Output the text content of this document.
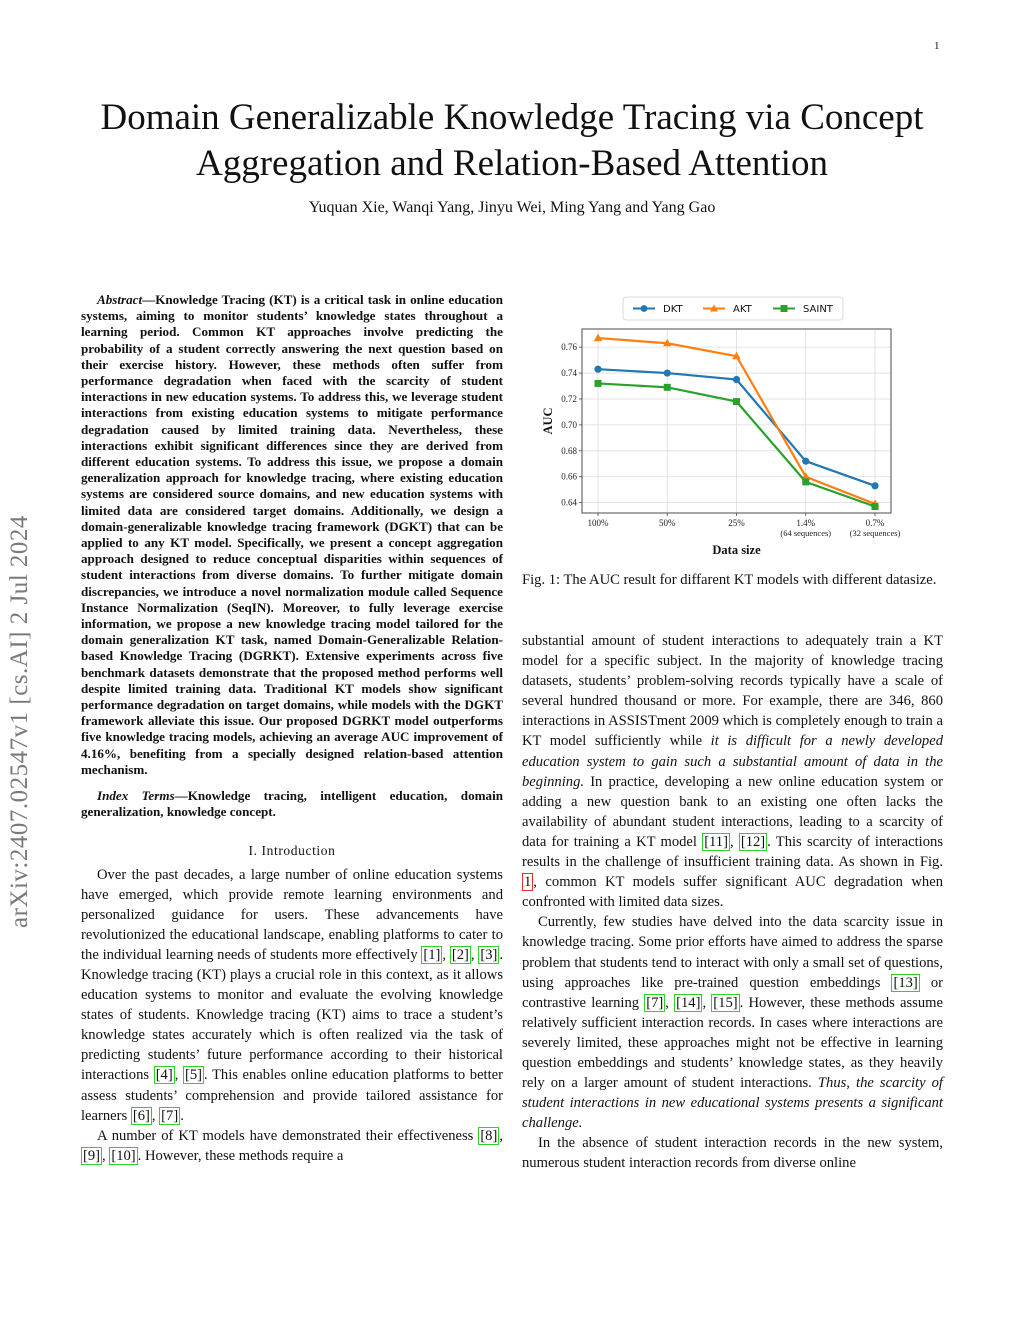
1
Domain Generalizable Knowledge Tracing via Concept Aggregation and Relation-Based Attention
Yuquan Xie, Wanqi Yang, Jinyu Wei, Ming Yang and Yang Gao
arXiv:2407.02547v1 [cs.AI] 2 Jul 2024

Abstract—Knowledge Tracing (KT) is a critical task in online education systems, aiming to monitor students’ knowledge states throughout a learning period. Common KT approaches involve predicting the probability of a student correctly answering the next question based on their exercise history. However, these methods often suffer from performance degradation when faced with the scarcity of student interactions in new education systems. To address this, we leverage student interactions from existing education systems to mitigate performance degradation caused by limited training data. Nevertheless, these interactions exhibit significant differences since they are derived from different education systems. To address this issue, we propose a domain generalization approach for knowledge tracing, where existing education systems are considered source domains, and new education systems with limited data are considered target domains. Additionally, we design a domain-generalizable knowledge tracing framework (DGKT) that can be applied to any KT model. Specifically, we present a concept aggregation approach designed to reduce conceptual disparities within sequences of student interactions from diverse domains. To further mitigate domain discrepancies, we introduce a novel normalization module called Sequence Instance Normalization (SeqIN). Moreover, to fully leverage exercise information, we propose a new knowledge tracing model tailored for the domain generalization KT task, named Domain-Generalizable Relation-based Knowledge Tracing (DGRKT). Extensive experiments across five benchmark datasets demonstrate that the proposed method performs well despite limited training data. Traditional KT models show significant performance degradation on target domains, while models with the DGKT framework alleviate this issue. Our proposed DGRKT model outperforms five knowledge tracing models, achieving an average AUC improvement of 4.16%, benefiting from a specially designed relation-based attention mechanism.

Index Terms—Knowledge tracing, intelligent education, domain generalization, knowledge concept.

I. Introduction

Over the past decades, a large number of online education systems have emerged, which provide remote learning environments and personalized guidance for users. These advancements have revolutionized the educational landscape, enabling platforms to cater to the individual learning needs of students more effectively [1] , [2] , [3] . Knowledge tracing (KT) plays a crucial role in this context, as it allows education systems to monitor and evaluate the evolving knowledge states of students. Knowledge tracing (KT) aims to trace a student’s knowledge states accurately which is often realized via the task of predicting students’ future performance according to their historical interactions [4] , [5] . This enables online education platforms to better assess students’ comprehension and provide tailored assistance for learners [6] , [7] .

A number of KT models have demonstrated their effectiveness [8] , [9] , [10] . However, these methods require a

0.64
0.66
0.68
0.70
0.72
0.74
0.76
100%	50%	25%	1.4%
(64 sequences)
0.7%
(32 sequences)
Data size
AUC
DKT	AKT	SAINT

Fig. 1: The AUC result for diffarent KT models with different datasize.

substantial amount of student interactions to adequately train a KT model for a specific subject. In the majority of knowledge tracing datasets, students’ problem-solving records typically have a scale of several hundred thousand or more. For example, there are 346, 860 interactions in ASSISTment 2009 which is completely enough to train a KT model sufficiently while it is difficult for a newly developed education system to gain such a substantial amount of data in the beginning. In practice, developing a new online education system or adding a new question bank to an existing one often lacks the availability of abundant student interactions, leading to a scarcity of data for training a KT model [11] , [12] . This scarcity of interactions results in the challenge of insufficient training data. As shown in Fig. 1 , common KT models suffer significant AUC degradation when confronted with limited data sizes.

Currently, few studies have delved into the data scarcity issue in knowledge tracing. Some prior efforts have aimed to address the sparse problem that students tend to interact with only a small set of questions, using approaches like pre-trained question embeddings [13] or contrastive learning [7] , [14] , [15] . However, these methods assume relatively sufficient interaction records. In cases where interactions are severely limited, these approaches might not be effective in learning question embeddings and students’ knowledge states, as they heavily rely on a larger amount of student interactions. Thus, the scarcity of student interactions in new educational systems presents a significant challenge.

In the absence of student interaction records in the new system, numerous student interaction records from diverse online
